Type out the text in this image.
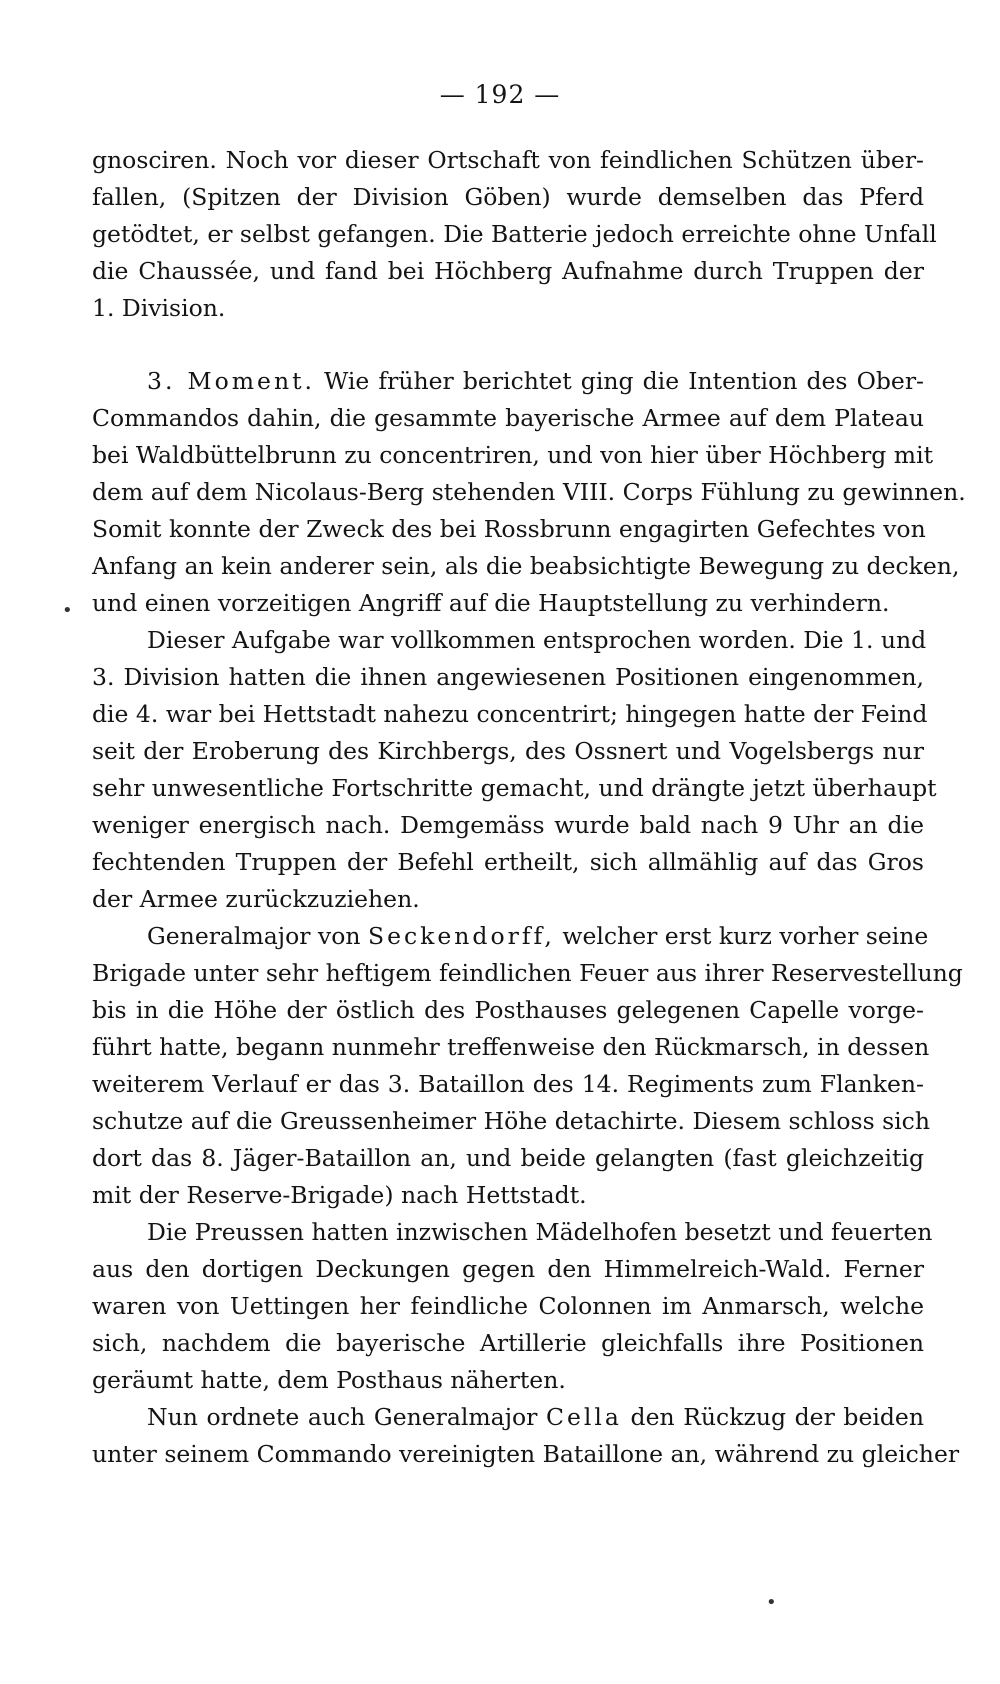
— 192 —
gnosciren. Noch vor dieser Ortschaft von feindlichen Schützen über-
fallen, (Spitzen der Division Göben) wurde demselben das Pferd
getödtet, er selbst gefangen. Die Batterie jedoch erreichte ohne Unfall
die Chaussée, und fand bei Höchberg Aufnahme durch Truppen der
1. Division.
3. Moment. Wie früher berichtet ging die Intention des Ober-
Commandos dahin, die gesammte bayerische Armee auf dem Plateau
bei Waldbüttelbrunn zu concentriren, und von hier über Höchberg mit
dem auf dem Nicolaus-Berg stehenden VIII. Corps Fühlung zu gewinnen.
Somit konnte der Zweck des bei Rossbrunn engagirten Gefechtes von
Anfang an kein anderer sein, als die beabsichtigte Bewegung zu decken,
und einen vorzeitigen Angriff auf die Hauptstellung zu verhindern.
Dieser Aufgabe war vollkommen entsprochen worden. Die 1. und
3. Division hatten die ihnen angewiesenen Positionen eingenommen,
die 4. war bei Hettstadt nahezu concentrirt; hingegen hatte der Feind
seit der Eroberung des Kirchbergs, des Ossnert und Vogelsbergs nur
sehr unwesentliche Fortschritte gemacht, und drängte jetzt überhaupt
weniger energisch nach. Demgemäss wurde bald nach 9 Uhr an die
fechtenden Truppen der Befehl ertheilt, sich allmählig auf das Gros
der Armee zurückzuziehen.
Generalmajor von Seckendorff, welcher erst kurz vorher seine
Brigade unter sehr heftigem feindlichen Feuer aus ihrer Reservestellung
bis in die Höhe der östlich des Posthauses gelegenen Capelle vorge-
führt hatte, begann nunmehr treffenweise den Rückmarsch, in dessen
weiterem Verlauf er das 3. Bataillon des 14. Regiments zum Flanken-
schutze auf die Greussenheimer Höhe detachirte. Diesem schloss sich
dort das 8. Jäger-Bataillon an, und beide gelangten (fast gleichzeitig
mit der Reserve-Brigade) nach Hettstadt.
Die Preussen hatten inzwischen Mädelhofen besetzt und feuerten
aus den dortigen Deckungen gegen den Himmelreich-Wald. Ferner
waren von Uettingen her feindliche Colonnen im Anmarsch, welche
sich, nachdem die bayerische Artillerie gleichfalls ihre Positionen
geräumt hatte, dem Posthaus näherten.
Nun ordnete auch Generalmajor Cella den Rückzug der beiden
unter seinem Commando vereinigten Bataillone an, während zu gleicher
•
•
